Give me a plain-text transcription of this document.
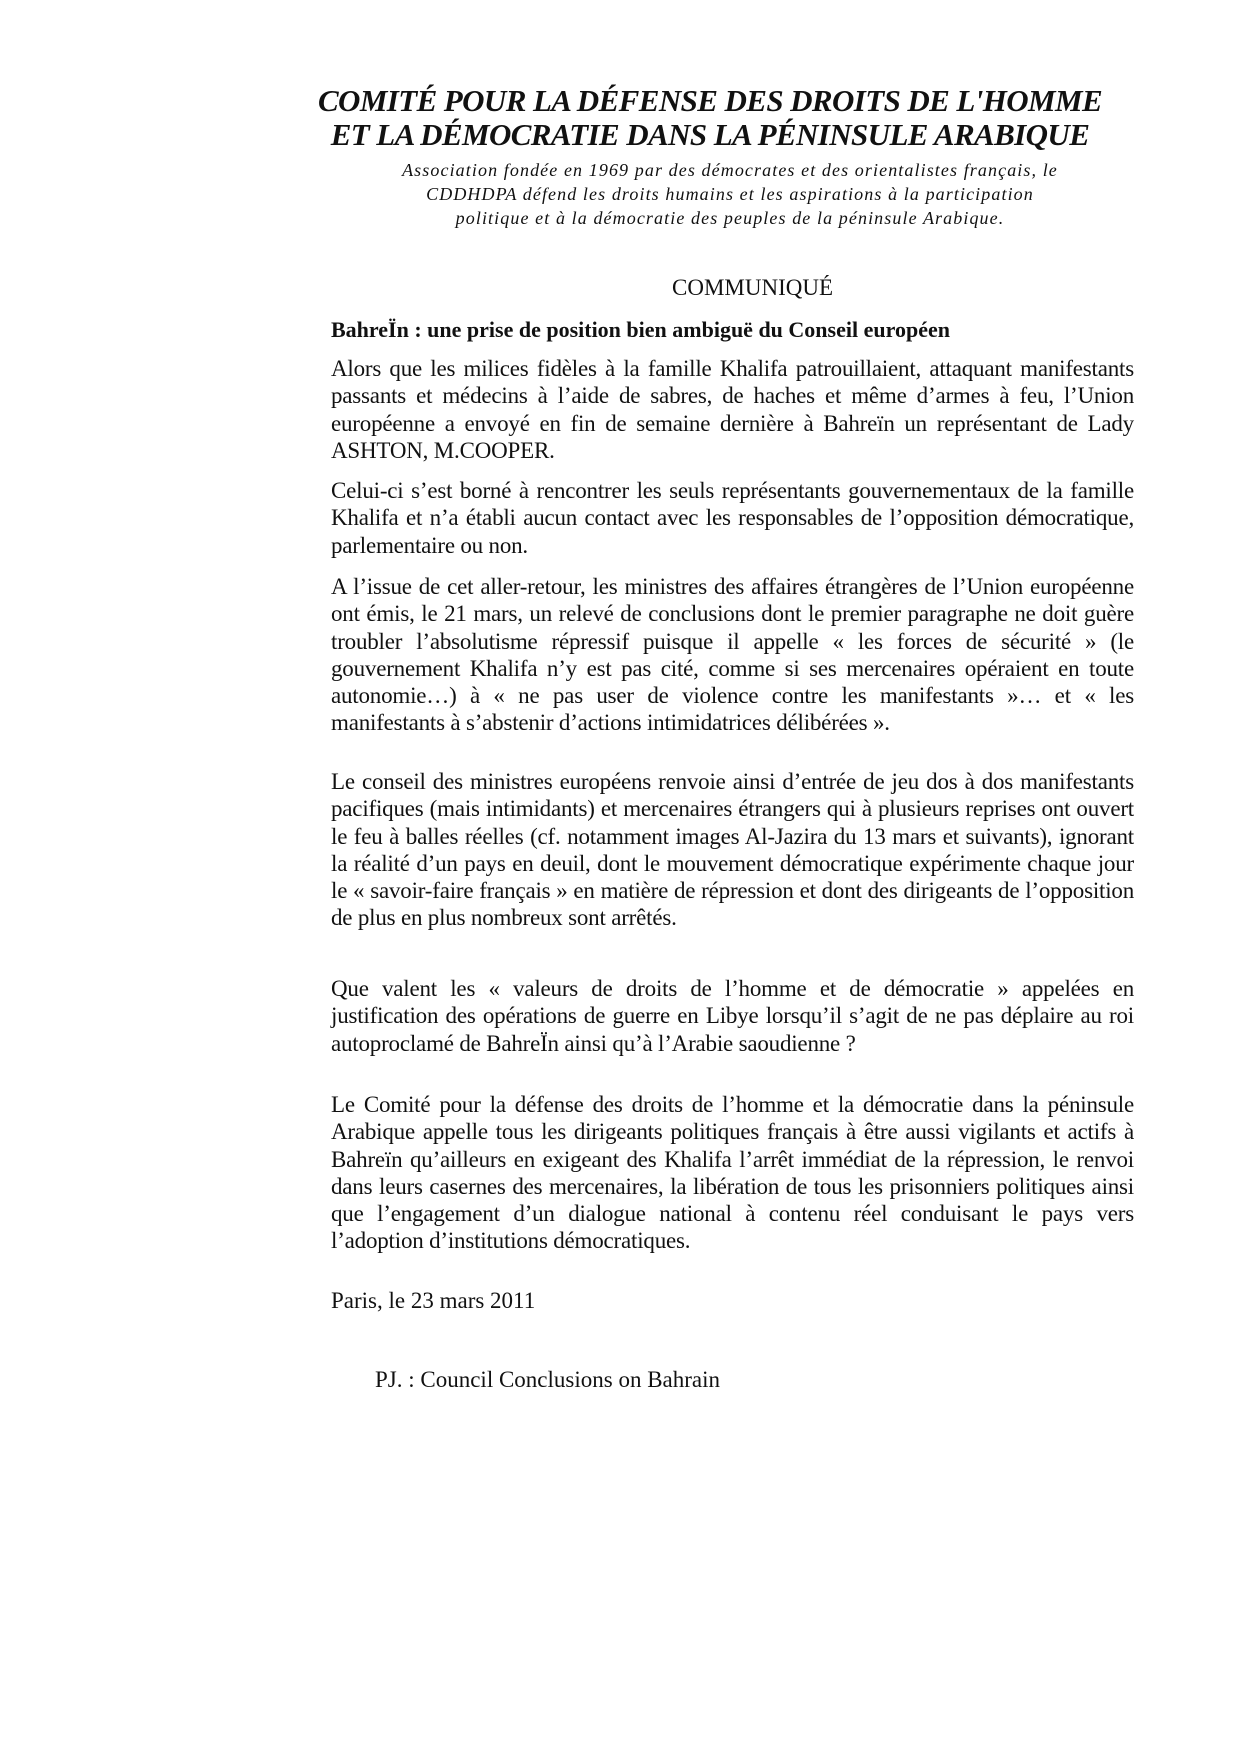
COMITÉ POUR LA DÉFENSE DES DROITS DE L'HOMME
ET LA DÉMOCRATIE DANS LA PÉNINSULE ARABIQUE

Association fondée en 1969 par des démocrates et des orientalistes français, le
CDDHDPA défend les droits humains et les aspirations à la participation
politique et à la démocratie des peuples de la péninsule Arabique.

COMMUNIQUÉ

BahreÏn : une prise de position bien ambiguë du Conseil européen

Alors que les milices fidèles à la famille Khalifa patrouillaient, attaquant manifestants passants et médecins à l’aide de sabres, de haches et même d’armes à feu, l’Union européenne a envoyé en fin de semaine dernière à Bahreïn un représentant de Lady ASHTON, M.COOPER.

Celui-ci s’est borné à rencontrer les seuls représentants gouvernementaux de la famille Khalifa et n’a établi aucun contact avec les responsables de l’opposition démocratique, parlementaire ou non.

A l’issue de cet aller-retour, les ministres des affaires étrangères de l’Union européenne ont émis, le 21 mars, un relevé de conclusions dont le premier paragraphe ne doit guère troubler l’absolutisme répressif puisque il appelle « les forces de sécurité » (le gouvernement Khalifa n’y est pas cité, comme si ses mercenaires opéraient en toute autonomie…) à « ne pas user de violence contre les manifestants »… et « les manifestants à s’abstenir d’actions intimidatrices délibérées ».

Le conseil des ministres européens renvoie ainsi d’entrée de jeu dos à dos manifestants pacifiques (mais intimidants) et mercenaires étrangers qui à plusieurs reprises ont ouvert le feu à balles réelles (cf. notamment images Al-Jazira du 13 mars et suivants), ignorant la réalité d’un pays en deuil, dont le mouvement démocratique expérimente chaque jour le « savoir-faire français » en matière de répression et dont des dirigeants de l’opposition de plus en plus nombreux sont arrêtés.

Que valent les « valeurs de droits de l’homme et de démocratie » appelées en justification des opérations de guerre en Libye lorsqu’il s’agit de ne pas déplaire au roi autoproclamé de BahreÏn ainsi qu’à l’Arabie saoudienne ?

Le Comité pour la défense des droits de l’homme et la démocratie dans la péninsule Arabique appelle tous les dirigeants politiques français à être aussi vigilants et actifs à Bahreïn qu’ailleurs en exigeant des Khalifa l’arrêt immédiat de la répression, le renvoi dans leurs casernes des mercenaires, la libération de tous les prisonniers politiques ainsi que l’engagement d’un dialogue national à contenu réel conduisant le pays vers l’adoption d’institutions démocratiques.

Paris, le 23 mars 2011

PJ. : Council Conclusions on Bahrain
